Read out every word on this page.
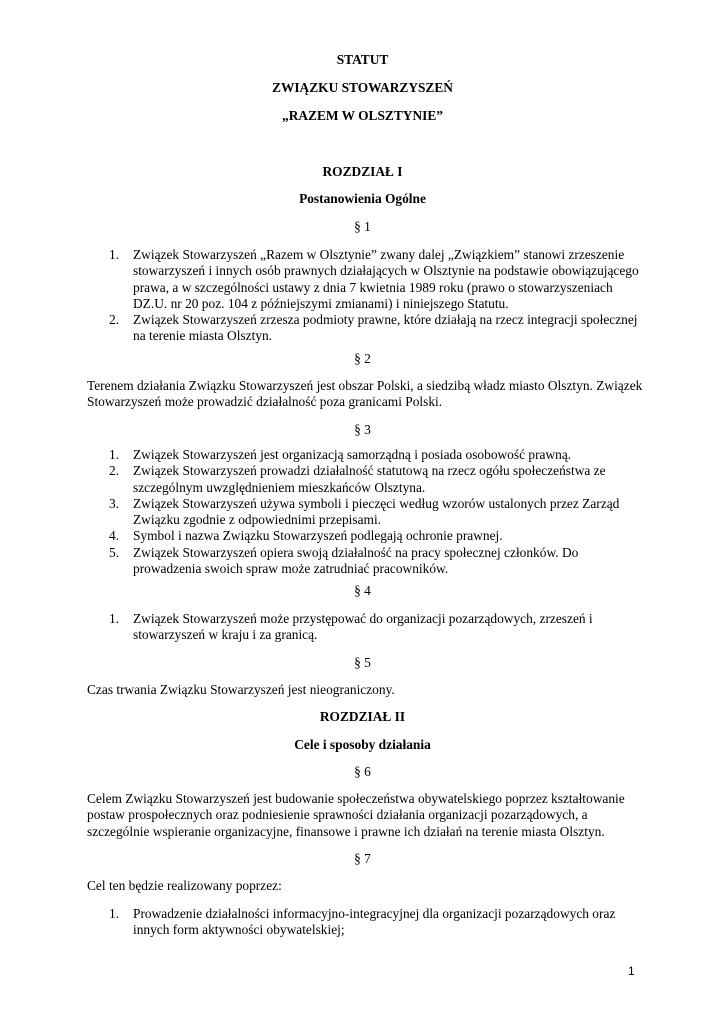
STATUT
ZWIĄZKU STOWARZYSZEŃ
„RAZEM W OLSZTYNIE”
ROZDZIAŁ I
Postanowienia Ogólne
§ 1
1. Związek Stowarzyszeń „Razem w Olsztynie” zwany dalej „Związkiem” stanowi zrzeszenie stowarzyszeń i innych osób prawnych działających w Olsztynie na podstawie obowiązującego prawa, a w szczególności ustawy z dnia 7 kwietnia 1989 roku (prawo o stowarzyszeniach DZ.U. nr 20 poz. 104 z późniejszymi zmianami) i niniejszego Statutu.
2. Związek Stowarzyszeń zrzesza podmioty prawne, które działają na rzecz integracji społecznej na terenie miasta Olsztyn.
§ 2
Terenem działania Związku Stowarzyszeń jest obszar Polski, a siedzibą władz miasto Olsztyn. Związek Stowarzyszeń może prowadzić działalność poza granicami Polski.
§ 3
1. Związek Stowarzyszeń jest organizacją samorządną i posiada osobowość prawną.
2. Związek Stowarzyszeń prowadzi działalność statutową na rzecz ogółu społeczeństwa ze szczególnym uwzględnieniem mieszkańców Olsztyna.
3. Związek Stowarzyszeń używa symboli i pieczęci według wzorów ustalonych przez Zarząd Związku zgodnie z odpowiednimi przepisami.
4. Symbol i nazwa Związku Stowarzyszeń podlegają ochronie prawnej.
5. Związek Stowarzyszeń opiera swoją działalność na pracy społecznej członków. Do prowadzenia swoich spraw może zatrudniać pracowników.
§ 4
1. Związek Stowarzyszeń może przystępować do organizacji pozarządowych, zrzeszeń i stowarzyszeń w kraju i za granicą.
§ 5
Czas trwania Związku Stowarzyszeń jest nieograniczony.
ROZDZIAŁ II
Cele i sposoby działania
§ 6
Celem Związku Stowarzyszeń jest budowanie społeczeństwa obywatelskiego poprzez kształtowanie postaw prospołecznych oraz podniesienie sprawności działania organizacji pozarządowych, a szczególnie wspieranie organizacyjne, finansowe i prawne ich działań na terenie miasta Olsztyn.
§ 7
Cel ten będzie realizowany poprzez:
1. Prowadzenie działalności informacyjno-integracyjnej dla organizacji pozarządowych oraz innych form aktywności obywatelskiej;
1
